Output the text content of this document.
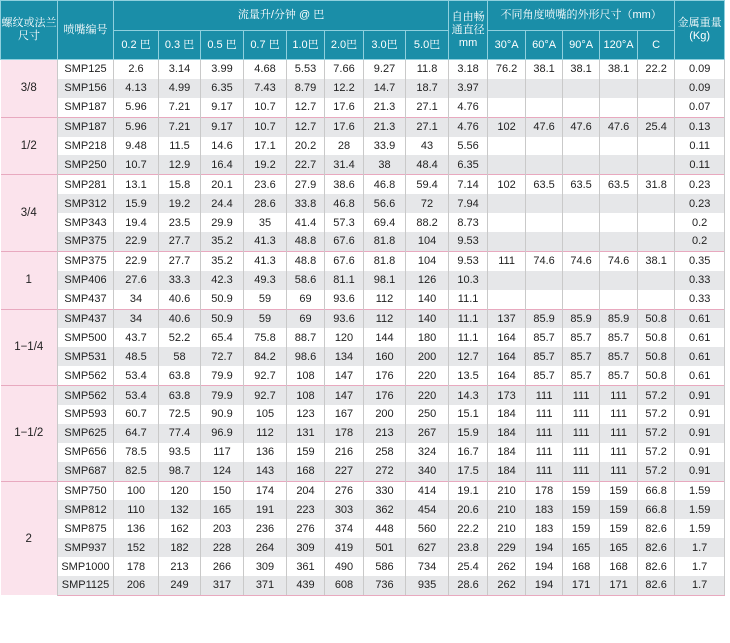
螺纹或法兰尺寸	喷嘴编号	流量升/分钟 @ 巴								自由畅通直径mm	不同角度喷嘴的外形尺寸（mm）					金属重量(Kg)
		0.2 巴	0.3 巴	0.5 巴	0.7 巴	1.0巴	2.0巴	3.0巴	5.0巴		30°A	60°A	90°A	120°A	C	
3/8	SMP125	2.6	3.14	3.99	4.68	5.53	7.66	9.27	11.8	3.18	76.2	38.1	38.1	38.1	22.2	0.09
	SMP156	4.13	4.99	6.35	7.43	8.79	12.2	14.7	18.7	3.97						0.09
	SMP187	5.96	7.21	9.17	10.7	12.7	17.6	21.3	27.1	4.76						0.07
1/2	SMP187	5.96	7.21	9.17	10.7	12.7	17.6	21.3	27.1	4.76	102	47.6	47.6	47.6	25.4	0.13
	SMP218	9.48	11.5	14.6	17.1	20.2	28	33.9	43	5.56						0.11
	SMP250	10.7	12.9	16.4	19.2	22.7	31.4	38	48.4	6.35						0.11
3/4	SMP281	13.1	15.8	20.1	23.6	27.9	38.6	46.8	59.4	7.14	102	63.5	63.5	63.5	31.8	0.23
	SMP312	15.9	19.2	24.4	28.6	33.8	46.8	56.6	72	7.94						0.23
	SMP343	19.4	23.5	29.9	35	41.4	57.3	69.4	88.2	8.73						0.2
	SMP375	22.9	27.7	35.2	41.3	48.8	67.6	81.8	104	9.53						0.2
1	SMP375	22.9	27.7	35.2	41.3	48.8	67.6	81.8	104	9.53	111	74.6	74.6	74.6	38.1	0.35
	SMP406	27.6	33.3	42.3	49.3	58.6	81.1	98.1	126	10.3						0.33
	SMP437	34	40.6	50.9	59	69	93.6	112	140	11.1						0.33
1−1/4	SMP437	34	40.6	50.9	59	69	93.6	112	140	11.1	137	85.9	85.9	85.9	50.8	0.61
	SMP500	43.7	52.2	65.4	75.8	88.7	120	144	180	11.1	164	85.7	85.7	85.7	50.8	0.61
	SMP531	48.5	58	72.7	84.2	98.6	134	160	200	12.7	164	85.7	85.7	85.7	50.8	0.61
	SMP562	53.4	63.8	79.9	92.7	108	147	176	220	13.5	164	85.7	85.7	85.7	50.8	0.61
1−1/2	SMP562	53.4	63.8	79.9	92.7	108	147	176	220	14.3	173	111	111	111	57.2	0.91
	SMP593	60.7	72.5	90.9	105	123	167	200	250	15.1	184	111	111	111	57.2	0.91
	SMP625	64.7	77.4	96.9	112	131	178	213	267	15.9	184	111	111	111	57.2	0.91
	SMP656	78.5	93.5	117	136	159	216	258	324	16.7	184	111	111	111	57.2	0.91
	SMP687	82.5	98.7	124	143	168	227	272	340	17.5	184	111	111	111	57.2	0.91
2	SMP750	100	120	150	174	204	276	330	414	19.1	210	178	159	159	66.8	1.59
	SMP812	110	132	165	191	223	303	362	454	20.6	210	183	159	159	66.8	1.59
	SMP875	136	162	203	236	276	374	448	560	22.2	210	183	159	159	82.6	1.59
	SMP937	152	182	228	264	309	419	501	627	23.8	229	194	165	165	82.6	1.7
	SMP1000	178	213	266	309	361	490	586	734	25.4	262	194	168	168	82.6	1.7
	SMP1125	206	249	317	371	439	608	736	935	28.6	262	194	171	171	82.6	1.7
